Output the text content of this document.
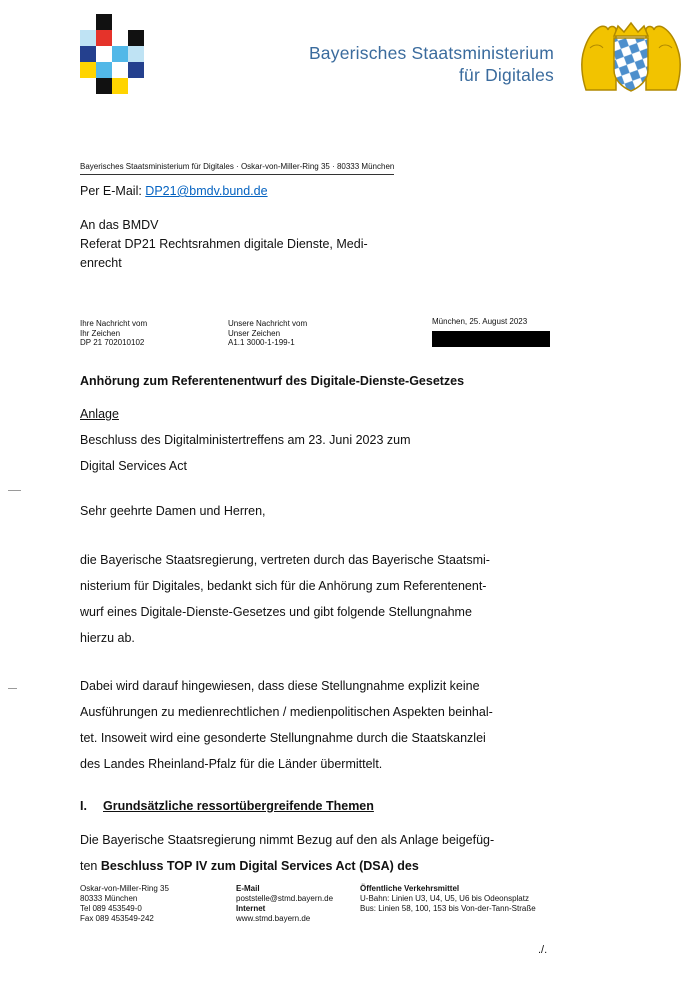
Bayerisches Staatsministerium
für Digitales
Bayerisches Staatsministerium für Digitales · Oskar-von-Miller-Ring 35 · 80333 München
Per E-Mail: DP21@bmdv.bund.de
An das BMDV
Referat DP21 Rechtsrahmen digitale Dienste, Medi-
enrecht
Ihre Nachricht vom
Ihr Zeichen
DP 21 702010102
Unsere Nachricht vom
Unser Zeichen
A1.1 3000-1-199-1
München, 25. August 2023
Anhörung zum Referentenentwurf des Digitale-Dienste-Gesetzes
Anlage
Beschluss des Digitalministertreffens am 23. Juni 2023 zum
Digital Services Act
Sehr geehrte Damen und Herren,
die Bayerische Staatsregierung, vertreten durch das Bayerische Staatsmi-
nisterium für Digitales, bedankt sich für die Anhörung zum Referentenent-
wurf eines Digitale-Dienste-Gesetzes und gibt folgende Stellungnahme
hierzu ab.
Dabei wird darauf hingewiesen, dass diese Stellungnahme explizit keine
Ausführungen zu medienrechtlichen / medienpolitischen Aspekten beinhal-
tet. Insoweit wird eine gesonderte Stellungnahme durch die Staatskanzlei
des Landes Rheinland-Pfalz für die Länder übermittelt.
I. Grundsätzliche ressortübergreifende Themen
Die Bayerische Staatsregierung nimmt Bezug auf den als Anlage beigefüg-
ten Beschluss TOP IV zum Digital Services Act (DSA) des
Oskar-von-Miller-Ring 35
80333 München
Tel 089 453549-0
Fax 089 453549-242
E-Mail
poststelle@stmd.bayern.de
Internet
www.stmd.bayern.de
Öffentliche Verkehrsmittel
U-Bahn: Linien U3, U4, U5, U6 bis Odeonsplatz
Bus: Linien 58, 100, 153 bis Von-der-Tann-Straße
./.
